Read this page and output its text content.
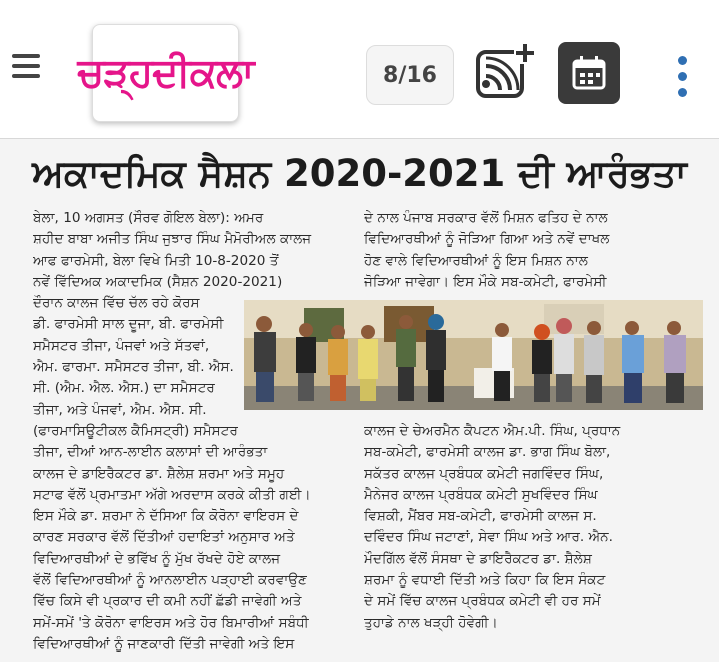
ਚੜ੍ਹਦੀਕਲਾ	8/16
ਅਕਾਦਮਿਕ ਸੈਸ਼ਨ 2020-2021 ਦੀ ਆਰੰਭਤਾ
ਬੇਲਾ, 10 ਅਗਸਤ (ਸੌਰਵ ਗੋਇਲ ਬੇਲਾ): ਅਮਰ
ਸ਼ਹੀਦ ਬਾਬਾ ਅਜੀਤ ਸਿੰਘ ਜੁਝਾਰ ਸਿੰਘ ਮੈਮੋਰੀਅਲ ਕਾਲਜ
ਆਫ ਫਾਰਮੇਸੀ, ਬੇਲਾ ਵਿਖੇ ਮਿਤੀ 10-8-2020 ਤੋਂ
ਨਵੇਂ ਵਿੱਦਿਅਕ ਅਕਾਦਮਿਕ (ਸੈਸ਼ਨ 2020-2021)
ਦੌਰਾਨ ਕਾਲਜ ਵਿੱਚ ਚੱਲ ਰਹੇ ਕੋਰਸ
ਡੀ. ਫਾਰਮੇਸੀ ਸਾਲ ਦੂਜਾ, ਬੀ. ਫਾਰਮੇਸੀ
ਸਮੈਸਟਰ ਤੀਜਾ, ਪੰਜਵਾਂ ਅਤੇ ਸੱਤਵਾਂ,
ਐਮ. ਫਾਰਮਾ. ਸਮੈਸਟਰ ਤੀਜਾ, ਬੀ. ਐਸ.
ਸੀ. (ਐਮ. ਐਲ. ਐਸ.) ਦਾ ਸਮੈਸਟਰ
ਤੀਜਾ, ਅਤੇ ਪੰਜਵਾਂ, ਐਮ. ਐਸ. ਸੀ.
(ਫਾਰਮਾਸਿਊਟੀਕਲ ਕੈਮਿਸਟ੍ਰੀ) ਸਮੈਸਟਰ
ਤੀਜਾ, ਦੀਆਂ ਆਨ-ਲਾਈਨ ਕਲਾਸਾਂ ਦੀ ਆਰੰਭਤਾ
ਕਾਲਜ ਦੇ ਡਾਇਰੈਕਟਰ ਡਾ. ਸ਼ੈਲੇਸ਼ ਸ਼ਰਮਾ ਅਤੇ ਸਮੂਹ
ਸਟਾਫ ਵੱਲੋਂ ਪ੍ਰਮਾਤਮਾ ਅੱਗੇ ਅਰਦਾਸ ਕਰਕੇ ਕੀਤੀ ਗਈ।
ਇਸ ਮੌਕੇ ਡਾ. ਸ਼ਰਮਾ ਨੇ ਦੱਸਿਆ ਕਿ ਕੋਰੋਨਾ ਵਾਇਰਸ ਦੇ
ਕਾਰਣ ਸਰਕਾਰ ਵੱਲੋਂ ਦਿੱਤੀਆਂ ਹਦਾਇਤਾਂ ਅਨੁਸਾਰ ਅਤੇ
ਵਿਦਿਆਰਥੀਆਂ ਦੇ ਭਵਿੱਖ ਨੂੰ ਮੁੱਖ ਰੱਖਦੇ ਹੋਏ ਕਾਲਜ
ਵੱਲੋਂ ਵਿਦਿਆਰਥੀਆਂ ਨੂੰ ਆਨਲਾਈਨ ਪੜ੍ਹਾਈ ਕਰਵਾਉਣ
ਵਿੱਚ ਕਿਸੇ ਵੀ ਪ੍ਰਕਾਰ ਦੀ ਕਮੀ ਨਹੀਂ ਛੱਡੀ ਜਾਵੇਗੀ ਅਤੇ
ਸਮੇਂ-ਸਮੇਂ 'ਤੇ ਕੋਰੋਨਾ ਵਾਇਰਸ ਅਤੇ ਹੋਰ ਬਿਮਾਰੀਆਂ ਸਬੰਧੀ
ਵਿਦਿਆਰਥੀਆਂ ਨੂੰ ਜਾਣਕਾਰੀ ਦਿੱਤੀ ਜਾਵੇਗੀ ਅਤੇ ਇਸ
ਦੇ ਨਾਲ ਪੰਜਾਬ ਸਰਕਾਰ ਵੱਲੋਂ ਮਿਸ਼ਨ ਫਤਿਹ ਦੇ ਨਾਲ
ਵਿਦਿਆਰਥੀਆਂ ਨੂੰ ਜੋੜਿਆ ਗਿਆ ਅਤੇ ਨਵੇਂ ਦਾਖਲ
ਹੋਣ ਵਾਲੇ ਵਿਦਿਆਰਥੀਆਂ ਨੂੰ ਇਸ ਮਿਸ਼ਨ ਨਾਲ
ਜੋੜਿਆ ਜਾਵੇਗਾ। ਇਸ ਮੌਕੇ ਸਬ-ਕਮੇਟੀ, ਫਾਰਮੇਸੀ
ਕਾਲਜ ਦੇ ਚੇਅਰਮੈਨ ਕੈਪਟਨ ਐਮ.ਪੀ. ਸਿੰਘ, ਪ੍ਰਧਾਨ
ਸਬ-ਕਮੇਟੀ, ਫਾਰਮੇਸੀ ਕਾਲਜ ਡਾ. ਭਾਗ ਸਿੰਘ ਬੋਲਾ,
ਸਕੱਤਰ ਕਾਲਜ ਪ੍ਰਬੰਧਕ ਕਮੇਟੀ ਜਗਵਿੰਦਰ ਸਿੰਘ,
ਮੈਨੇਜਰ ਕਾਲਜ ਪ੍ਰਬੰਧਕ ਕਮੇਟੀ ਸੁਖਵਿੰਦਰ ਸਿੰਘ
ਵਿਸ਼ਕੀ, ਮੈਂਬਰ ਸਬ-ਕਮੇਟੀ, ਫਾਰਮੇਸੀ ਕਾਲਜ ਸ.
ਦਵਿੰਦਰ ਸਿੰਘ ਜਟਾਣਾਂ, ਸੇਵਾ ਸਿੰਘ ਅਤੇ ਆਰ. ਐਨ.
ਮੌਦਗਿੱਲ ਵੱਲੋਂ ਸੰਸਥਾ ਦੇ ਡਾਇਰੈਕਟਰ ਡਾ. ਸ਼ੈਲੇਸ਼
ਸ਼ਰਮਾ ਨੂੰ ਵਧਾਈ ਦਿੱਤੀ ਅਤੇ ਕਿਹਾ ਕਿ ਇਸ ਸੰਕਟ
ਦੇ ਸਮੇਂ ਵਿੱਚ ਕਾਲਜ ਪ੍ਰਬੰਧਕ ਕਮੇਟੀ ਵੀ ਹਰ ਸਮੇਂ
ਤੁਹਾਡੇ ਨਾਲ ਖੜ੍ਹੀ ਹੋਵੇਗੀ।
